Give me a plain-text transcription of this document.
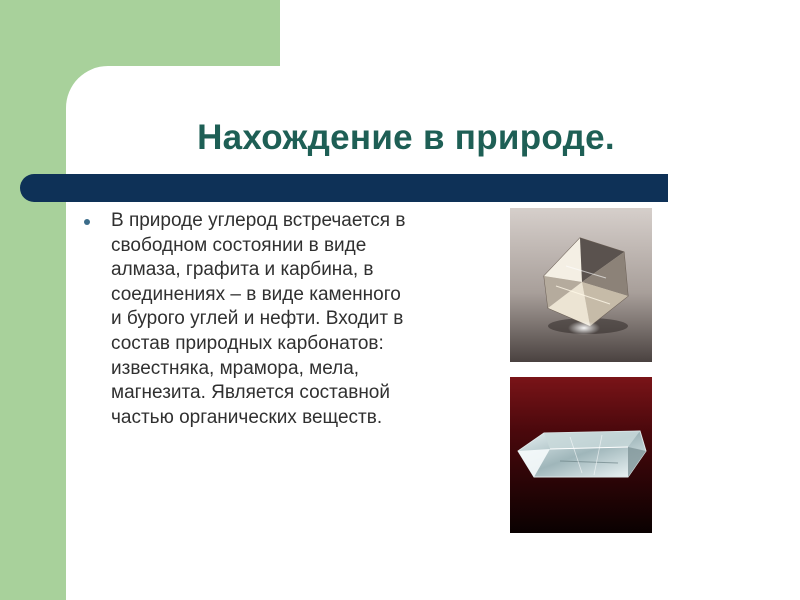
Нахождение в природе.
В природе углерод встречается в свободном состоянии в виде алмаза, графита и карбина, в соединениях – в виде каменного и бурого углей и нефти. Входит в состав природных карбонатов: известняка, мрамора, мела, магнезита. Является составной частью органических веществ.
